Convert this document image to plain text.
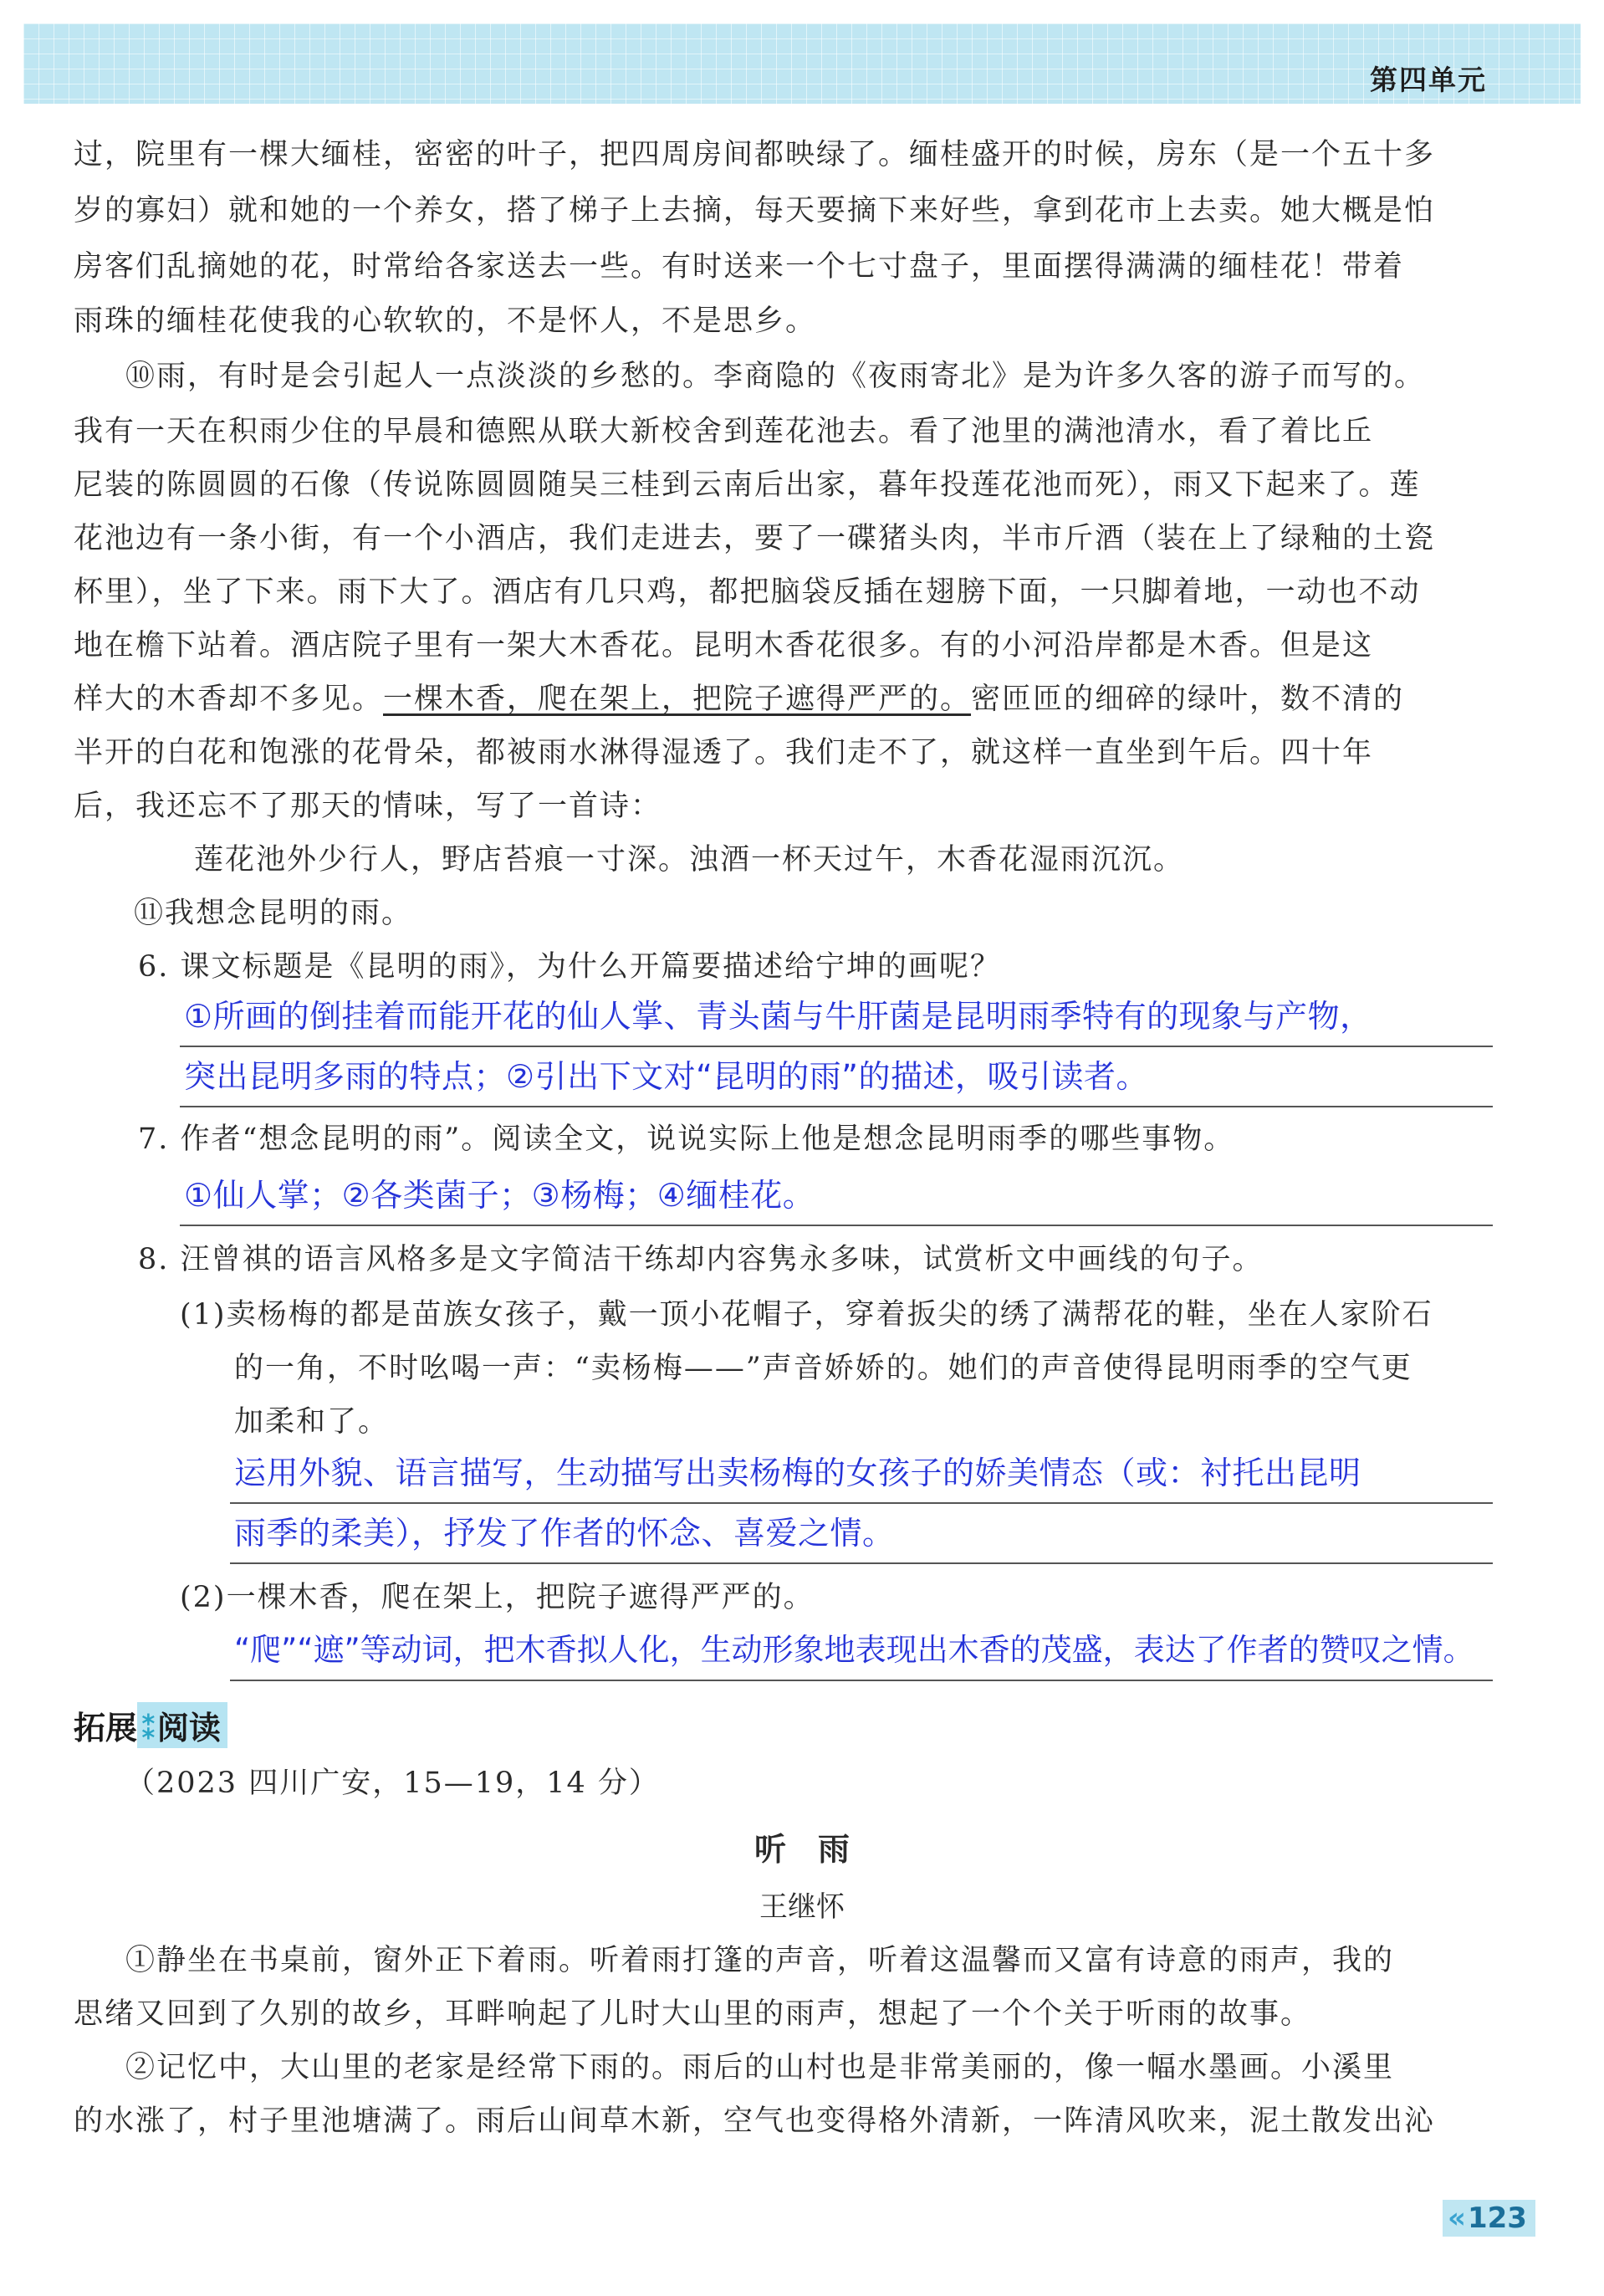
第四单元
过，院里有一棵大缅桂，密密的叶子，把四周房间都映绿了。缅桂盛开的时候，房东（是一个五十多
岁的寡妇）就和她的一个养女，搭了梯子上去摘，每天要摘下来好些，拿到花市上去卖。她大概是怕
房客们乱摘她的花，时常给各家送去一些。有时送来一个七寸盘子，里面摆得满满的缅桂花！带着
雨珠的缅桂花使我的心软软的，不是怀人，不是思乡。
⑩雨，有时是会引起人一点淡淡的乡愁的。李商隐的《夜雨寄北》是为许多久客的游子而写的。
我有一天在积雨少住的早晨和德熙从联大新校舍到莲花池去。看了池里的满池清水，看了着比丘
尼装的陈圆圆的石像（传说陈圆圆随吴三桂到云南后出家，暮年投莲花池而死），雨又下起来了。莲
花池边有一条小街，有一个小酒店，我们走进去，要了一碟猪头肉，半市斤酒（装在上了绿釉的土瓷
杯里），坐了下来。雨下大了。酒店有几只鸡，都把脑袋反插在翅膀下面，一只脚着地，一动也不动
地在檐下站着。酒店院子里有一架大木香花。昆明木香花很多。有的小河沿岸都是木香。但是这
样大的木香却不多见。一棵木香，爬在架上，把院子遮得严严的。密匝匝的细碎的绿叶，数不清的
半开的白花和饱涨的花骨朵，都被雨水淋得湿透了。我们走不了，就这样一直坐到午后。四十年
后，我还忘不了那天的情味，写了一首诗：
莲花池外少行人，野店苔痕一寸深。浊酒一杯天过午，木香花湿雨沉沉。
⑪我想念昆明的雨。
6. 课文标题是《昆明的雨》，为什么开篇要描述给宁坤的画呢？
①所画的倒挂着而能开花的仙人掌、青头菌与牛肝菌是昆明雨季特有的现象与产物，
突出昆明多雨的特点；②引出下文对“昆明的雨”的描述，吸引读者。
7. 作者“想念昆明的雨”。阅读全文，说说实际上他是想念昆明雨季的哪些事物。
①仙人掌；②各类菌子；③杨梅；④缅桂花。
8. 汪曾祺的语言风格多是文字简洁干练却内容隽永多味，试赏析文中画线的句子。
(1)卖杨梅的都是苗族女孩子，戴一顶小花帽子，穿着扳尖的绣了满帮花的鞋，坐在人家阶石
的一角，不时吆喝一声：“卖杨梅——”声音娇娇的。她们的声音使得昆明雨季的空气更
加柔和了。
运用外貌、语言描写，生动描写出卖杨梅的女孩子的娇美情态（或：衬托出昆明
雨季的柔美），抒发了作者的怀念、喜爱之情。
(2)一棵木香，爬在架上，把院子遮得严严的。
“爬”“遮”等动词，把木香拟人化，生动形象地表现出木香的茂盛，表达了作者的赞叹之情。
拓展 ⁑阅读
（2023 四川广安，15—19，14 分）
听　雨
王继怀
①静坐在书桌前，窗外正下着雨。听着雨打篷的声音，听着这温馨而又富有诗意的雨声，我的
思绪又回到了久别的故乡，耳畔响起了儿时大山里的雨声，想起了一个个关于听雨的故事。
②记忆中，大山里的老家是经常下雨的。雨后的山村也是非常美丽的，像一幅水墨画。小溪里
的水涨了，村子里池塘满了。雨后山间草木新，空气也变得格外清新，一阵清风吹来，泥土散发出沁
«123
